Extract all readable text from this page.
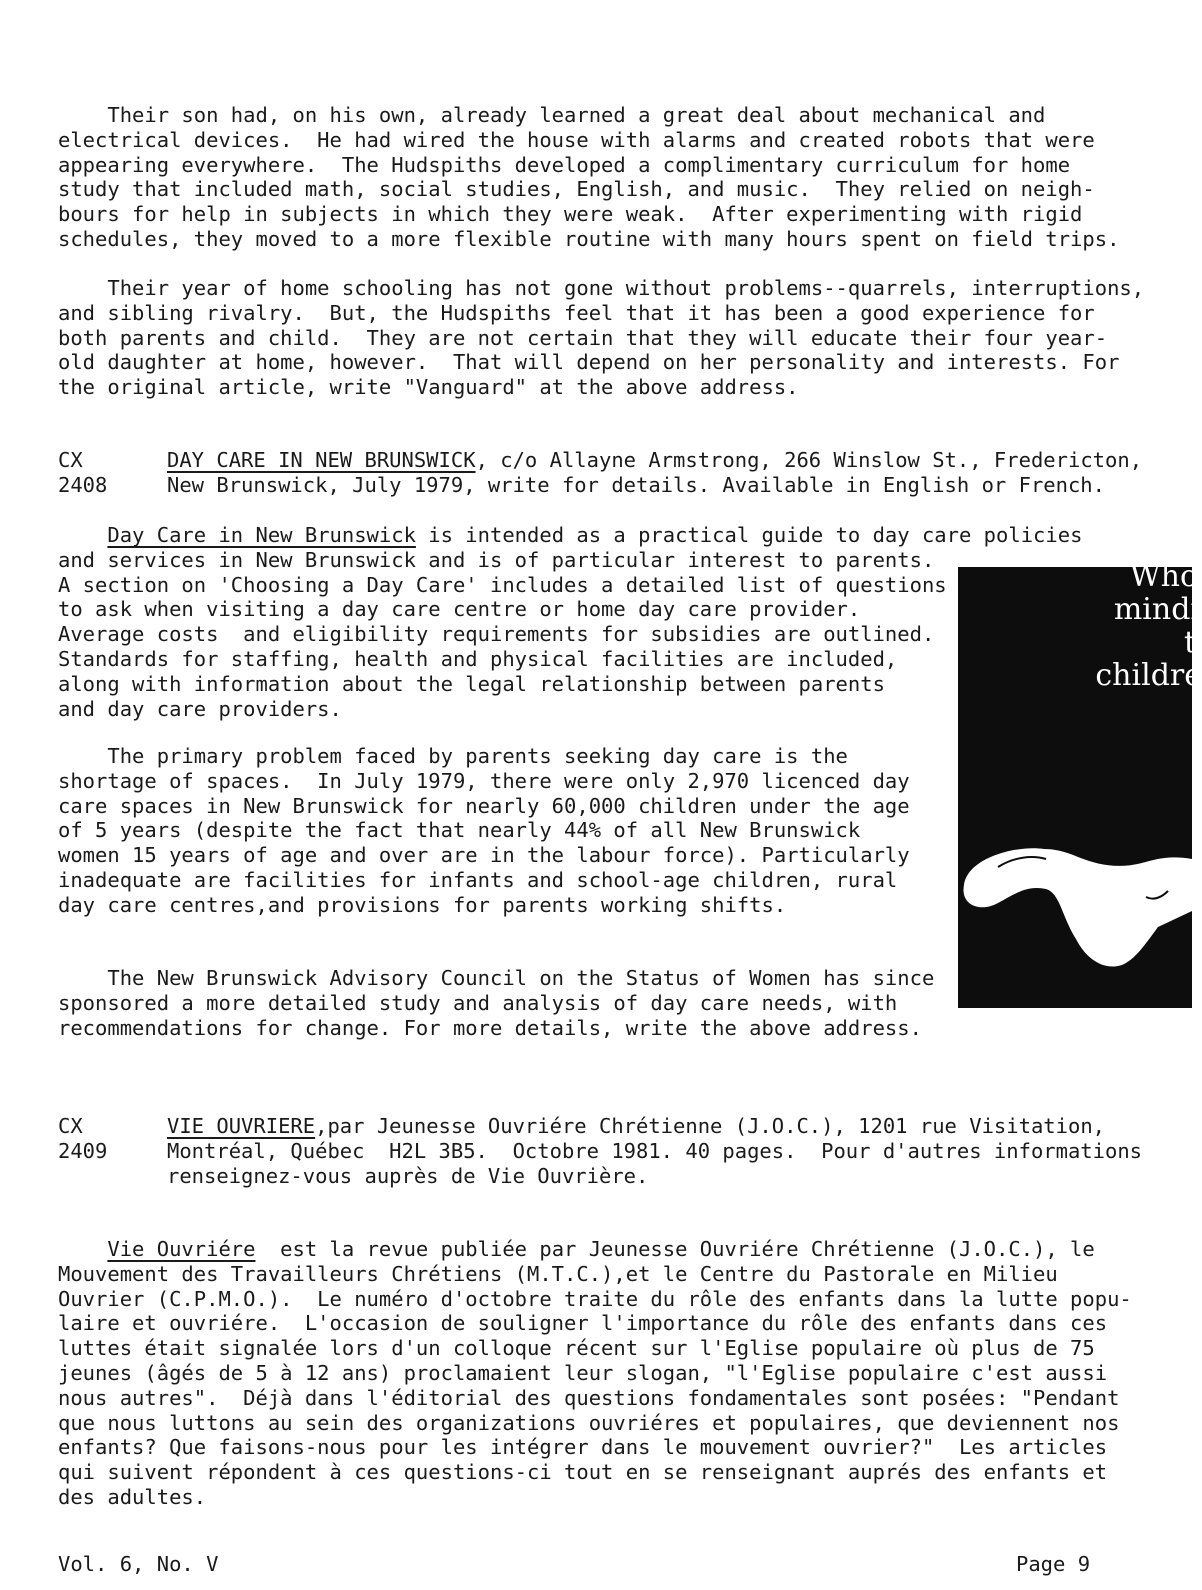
Their son had, on his own, already learned a great deal about mechanical and
electrical devices.  He had wired the house with alarms and created robots that were
appearing everywhere.  The Hudspiths developed a complimentary curriculum for home
study that included math, social studies, English, and music.  They relied on neigh-
bours for help in subjects in which they were weak.  After experimenting with rigid
schedules, they moved to a more flexible routine with many hours spent on field trips.
Their year of home schooling has not gone without problems--quarrels, interruptions,
and sibling rivalry.  But, the Hudspiths feel that it has been a good experience for
both parents and child.  They are not certain that they will educate their four year-
old daughter at home, however.  That will depend on her personality and interests. For
the original article, write "Vanguard" at the above address.
CX
2408
DAY CARE IN NEW BRUNSWICK, c/o Allayne Armstrong, 266 Winslow St., Fredericton,
New Brunswick, July 1979, write for details. Available in English or French.
Day Care in New Brunswick is intended as a practical guide to day care policies
and services in New Brunswick and is of particular interest to parents.
A section on 'Choosing a Day Care' includes a detailed list of questions
to ask when visiting a day care centre or home day care provider.
Average costs  and eligibility requirements for subsidies are outlined.
Standards for staffing, health and physical facilities are included,
along with information about the legal relationship between parents
and day care providers.
The primary problem faced by parents seeking day care is the
shortage of spaces.  In July 1979, there were only 2,970 licenced day
care spaces in New Brunswick for nearly 60,000 children under the age
of 5 years (despite the fact that nearly 44% of all New Brunswick
women 15 years of age and over are in the labour force). Particularly
inadequate are facilities for infants and school-age children, rural
day care centres,and provisions for parents working shifts.
The New Brunswick Advisory Council on the Status of Women has since
sponsored a more detailed study and analysis of day care needs, with
recommendations for change. For more details, write the above address.
CX
2409
VIE OUVRIERE,par Jeunesse Ouvriére Chrétienne (J.O.C.), 1201 rue Visitation,
Montréal, Québec  H2L 3B5.  Octobre 1981. 40 pages.  Pour d'autres informations
renseignez-vous auprès de Vie Ouvrière.
Vie Ouvriére  est la revue publiée par Jeunesse Ouvriére Chrétienne (J.O.C.), le
Mouvement des Travailleurs Chrétiens (M.T.C.),et le Centre du Pastorale en Milieu
Ouvrier (C.P.M.O.).  Le numéro d'octobre traite du rôle des enfants dans la lutte popu-
laire et ouvriére.  L'occasion de souligner l'importance du rôle des enfants dans ces
luttes était signalée lors d'un colloque récent sur l'Eglise populaire où plus de 75
jeunes (âgés de 5 à 12 ans) proclamaient leur slogan, "l'Eglise populaire c'est aussi
nous autres".  Déjà dans l'éditorial des questions fondamentales sont posées: "Pendant
que nous luttons au sein des organizations ouvriéres et populaires, que deviennent nos
enfants? Que faisons-nous pour les intégrer dans le mouvement ouvrier?"  Les articles
qui suivent répondent à ces questions-ci tout en se renseignant auprés des enfants et
des adultes.
Who
mindi
t
childre
Vol. 6, No. V	Page 9
